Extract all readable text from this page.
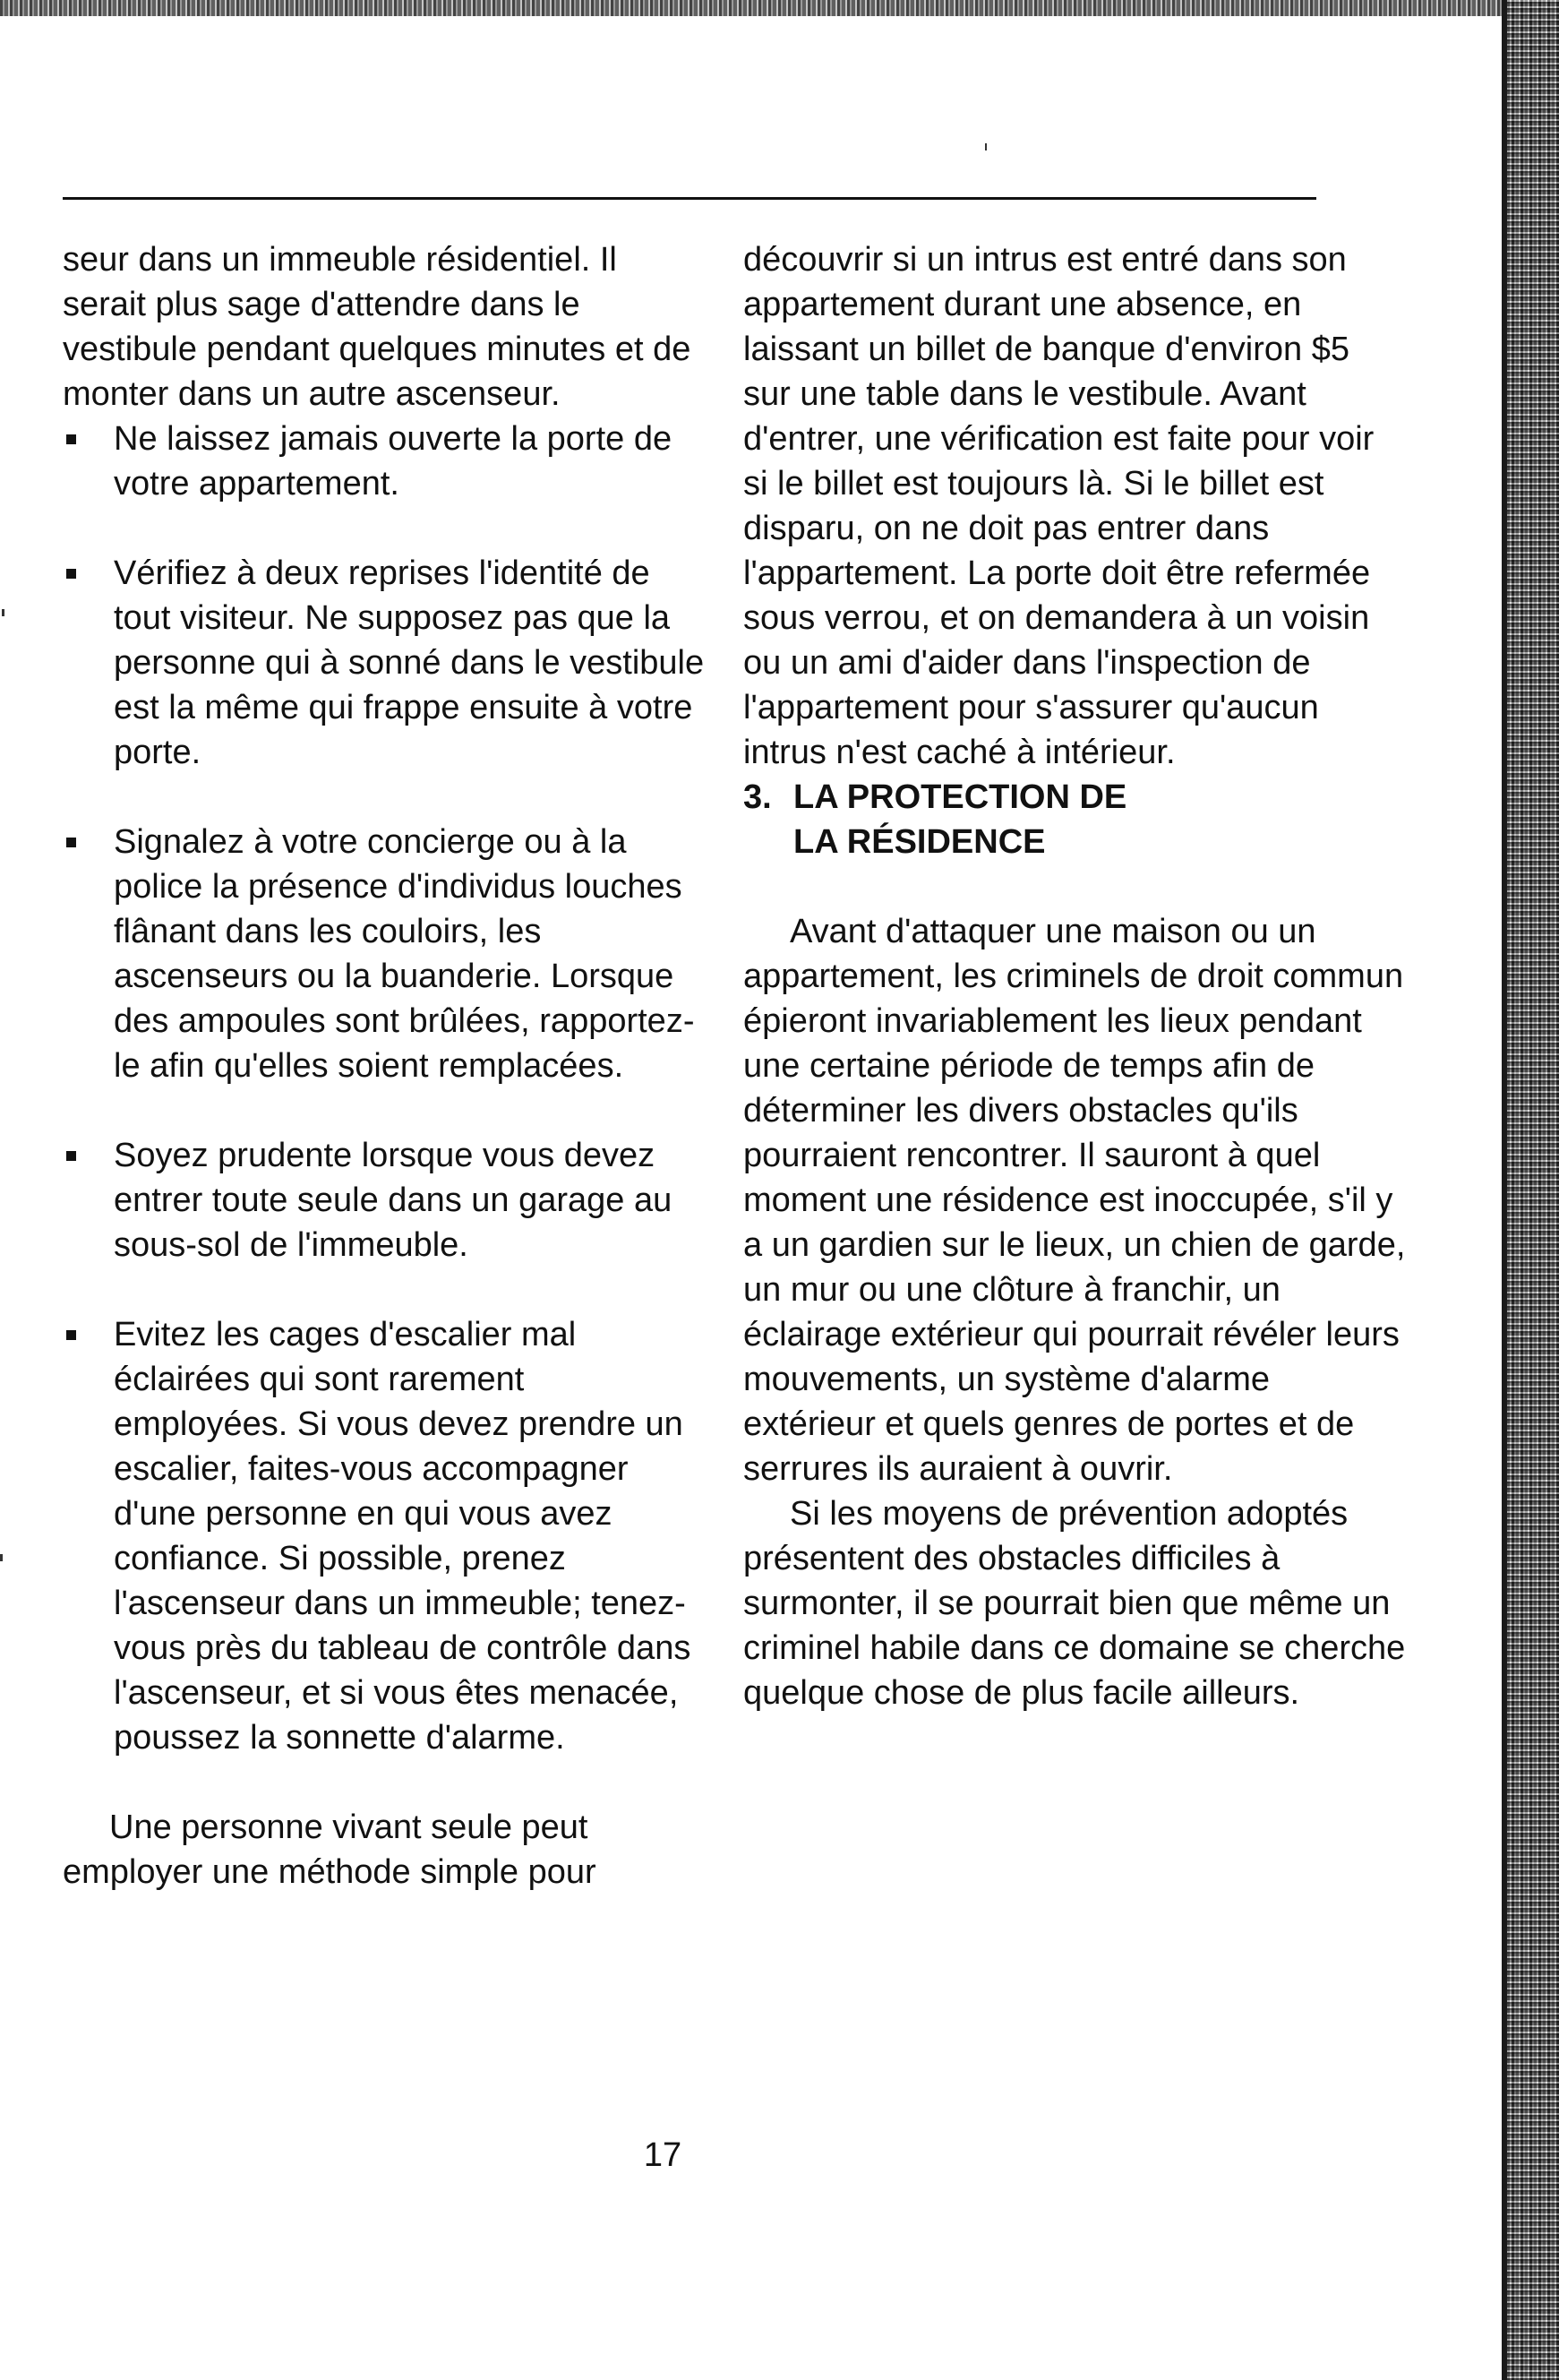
seur dans un immeuble résidentiel. Il serait plus sage d'attendre dans le vestibule pendant quelques minutes et de monter dans un autre ascenseur.

Ne laissez jamais ouverte la porte de votre appartement.

Vérifiez à deux reprises l'identité de tout visiteur. Ne supposez pas que la personne qui à sonné dans le vestibule est la même qui frappe ensuite à votre porte.

Signalez à votre concierge ou à la police la présence d'individus louches flânant dans les couloirs, les ascenseurs ou la buanderie. Lorsque des ampoules sont brûlées, rapportez-le afin qu'elles soient remplacées.

Soyez prudente lorsque vous devez entrer toute seule dans un garage au sous-sol de l'immeuble.

Evitez les cages d'escalier mal éclairées qui sont rarement employées. Si vous devez prendre un escalier, faites-vous accompagner d'une personne en qui vous avez confiance. Si possible, prenez l'ascenseur dans un immeuble; tenez-vous près du tableau de contrôle dans l'ascenseur, et si vous êtes menacée, poussez la sonnette d'alarme.

Une personne vivant seule peut employer une méthode simple pour

découvrir si un intrus est entré dans son appartement durant une absence, en laissant un billet de banque d'environ $5 sur une table dans le vestibule. Avant d'entrer, une vérification est faite pour voir si le billet est toujours là. Si le billet est disparu, on ne doit pas entrer dans l'appartement. La porte doit être refermée sous verrou, et on demandera à un voisin ou un ami d'aider dans l'inspection de l'appartement pour s'assurer qu'aucun intrus n'est caché à intérieur.

3. LA PROTECTION DE
LA RÉSIDENCE

Avant d'attaquer une maison ou un appartement, les criminels de droit commun épieront invariablement les lieux pendant une certaine période de temps afin de déterminer les divers obstacles qu'ils pourraient rencontrer. Il sauront à quel moment une résidence est inoccupée, s'il y a un gardien sur le lieux, un chien de garde, un mur ou une clôture à franchir, un éclairage extérieur qui pourrait révéler leurs mouvements, un système d'alarme extérieur et quels genres de portes et de serrures ils auraient à ouvrir.

Si les moyens de prévention adoptés présentent des obstacles difficiles à surmonter, il se pourrait bien que même un criminel habile dans ce domaine se cherche quelque chose de plus facile ailleurs.

17
